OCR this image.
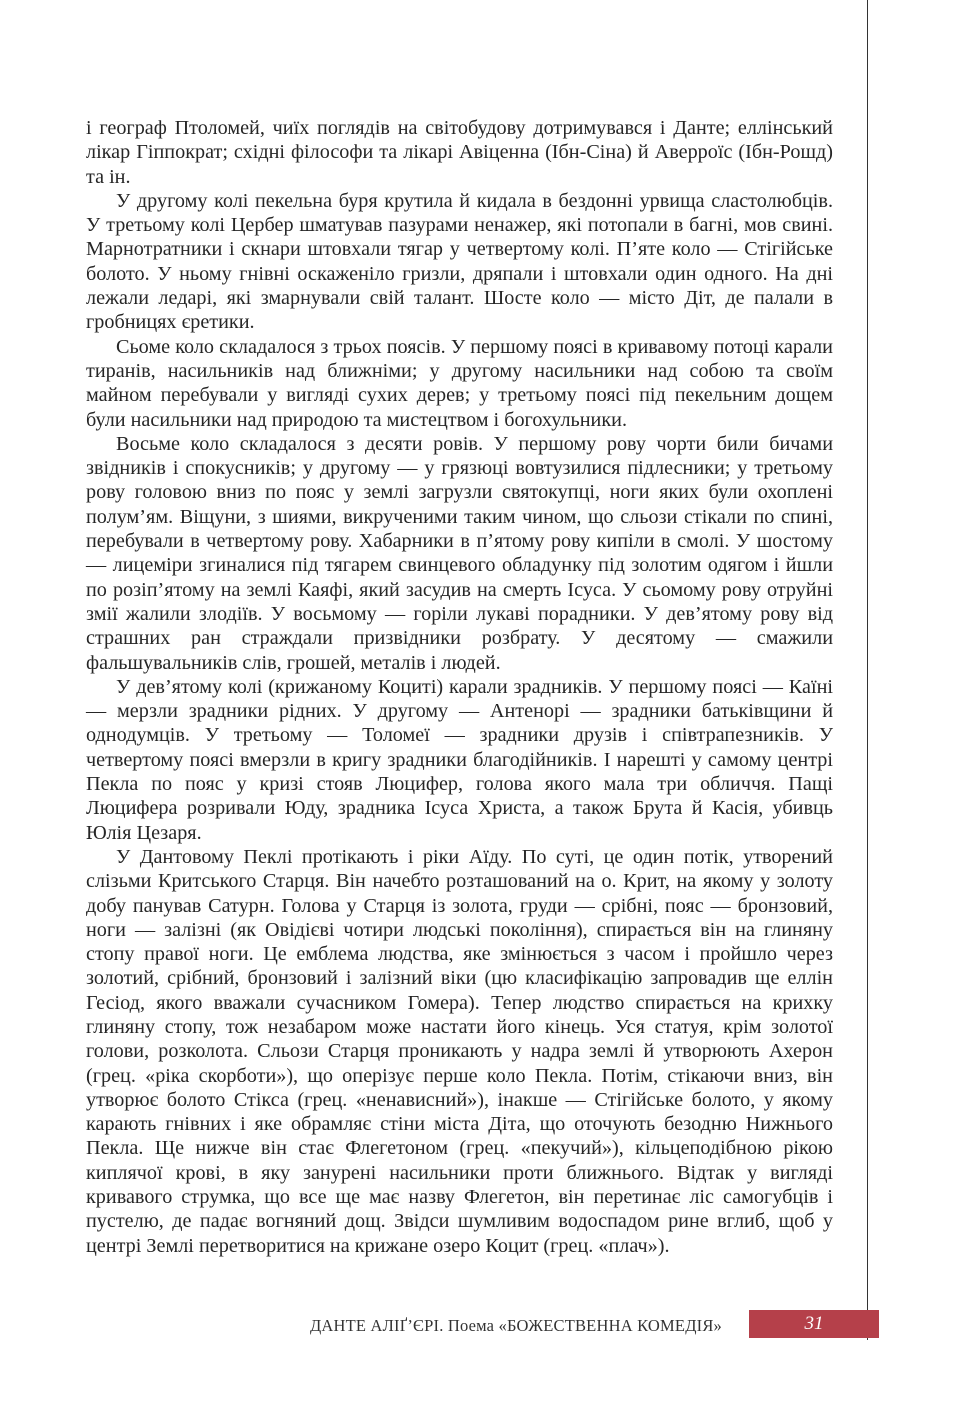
і географ Птоломей, чиїх поглядів на світобудову дотримувався і Данте; еллінський лікар Гіппократ; східні філософи та лікарі Авіценна (Ібн-Сіна) й Аверроїс (Ібн-Рошд) та ін.

У другому колі пекельна буря крутила й кидала в бездонні урвища сластолюбців. У третьому колі Цербер шматував пазурами ненажер, які потопали в багні, мов свині. Марнотратники і скнари штовхали тягар у четвертому колі. П’яте коло — Стігійське болото. У ньому гнівні оскаженіло гризли, дряпали і штовхали один одного. На дні лежали ледарі, які змарнували свій талант. Шосте коло — місто Діт, де палали в гробницях єретики.

Сьоме коло складалося з трьох поясів. У першому поясі в кривавому потоці карали тиранів, насильників над ближніми; у другому насильники над собою та своїм майном перебували у вигляді сухих дерев; у третьому поясі під пекельним дощем були насильники над природою та мистецтвом і богохульники.

Восьме коло складалося з десяти ровів. У першому рову чорти били бичами звідників і спокусників; у другому — у грязюці вовтузилися підлесники; у третьому рову головою вниз по пояс у землі загрузли святокупці, ноги яких були охоплені полум’ям. Віщуни, з шиями, викрученими таким чином, що сльози стікали по спині, перебували в четвертому рову. Хабарники в п’ятому рову кипіли в смолі. У шостому — лицеміри згиналися під тягарем свинцевого обладунку під золотим одягом і йшли по розіп’ятому на землі Каяфі, який засудив на смерть Ісуса. У сьомому рову отруйні змії жалили злодіїв. У восьмому — горіли лукаві порадники. У дев’ятому рову від страшних ран страждали призвідники розбрату. У десятому — смажили фальшувальників слів, грошей, металів і людей.

У дев’ятому колі (крижаному Коциті) карали зрадників. У першому поясі — Каїні — мерзли зрадники рідних. У другому — Антенорі — зрадники батьківщини й однодумців. У третьому — Толомеї — зрадники друзів і співтрапезників. У четвертому поясі вмерзли в кригу зрадники благодійників. І нарешті у самому центрі Пекла по пояс у кризі стояв Люцифер, голова якого мала три обличчя. Пащі Люцифера розривали Юду, зрадника Ісуса Христа, а також Брута й Касія, убивць Юлія Цезаря.

У Дантовому Пеклі протікають і ріки Аїду. По суті, це один потік, утворений слізьми Критського Старця. Він начебто розташований на о. Крит, на якому у золоту добу панував Сатурн. Голова у Старця із золота, груди — срібні, пояс — бронзовий, ноги — залізні (як Овідієві чотири людські покоління), спирається він на глиняну стопу правої ноги. Це емблема людства, яке змінюється з часом і пройшло через золотий, срібний, бронзовий і залізний віки (цю класифікацію запровадив ще еллін Гесіод, якого вважали сучасником Гомера). Тепер людство спирається на крихку глиняну стопу, тож незабаром може настати його кінець. Уся статуя, крім золотої голови, розколота. Сльози Старця проникають у надра землі й утворюють Ахерон (грец. «ріка скорботи»), що оперізує перше коло Пекла. Потім, стікаючи вниз, він утворює болото Стікса (грец. «ненависний»), інакше — Стігійське болото, у якому карають гнівних і яке обрамляє стіни міста Діта, що оточують безодню Нижнього Пекла. Ще нижче він стає Флегетоном (грец. «пекучий»), кільцеподібною рікою киплячої крові, в яку занурені насильники проти ближнього. Відтак у вигляді кривавого струмка, що все ще має назву Флегетон, він перетинає ліс самогубців і пустелю, де падає вогняний дощ. Звідси шумливим водоспадом рине вглиб, щоб у центрі Землі перетворитися на крижане озеро Коцит (грец. «плач»).

ДАНТЕ АЛІҐ’ЄРІ. Поема «БОЖЕСТВЕННА КОМЕДІЯ»	31
